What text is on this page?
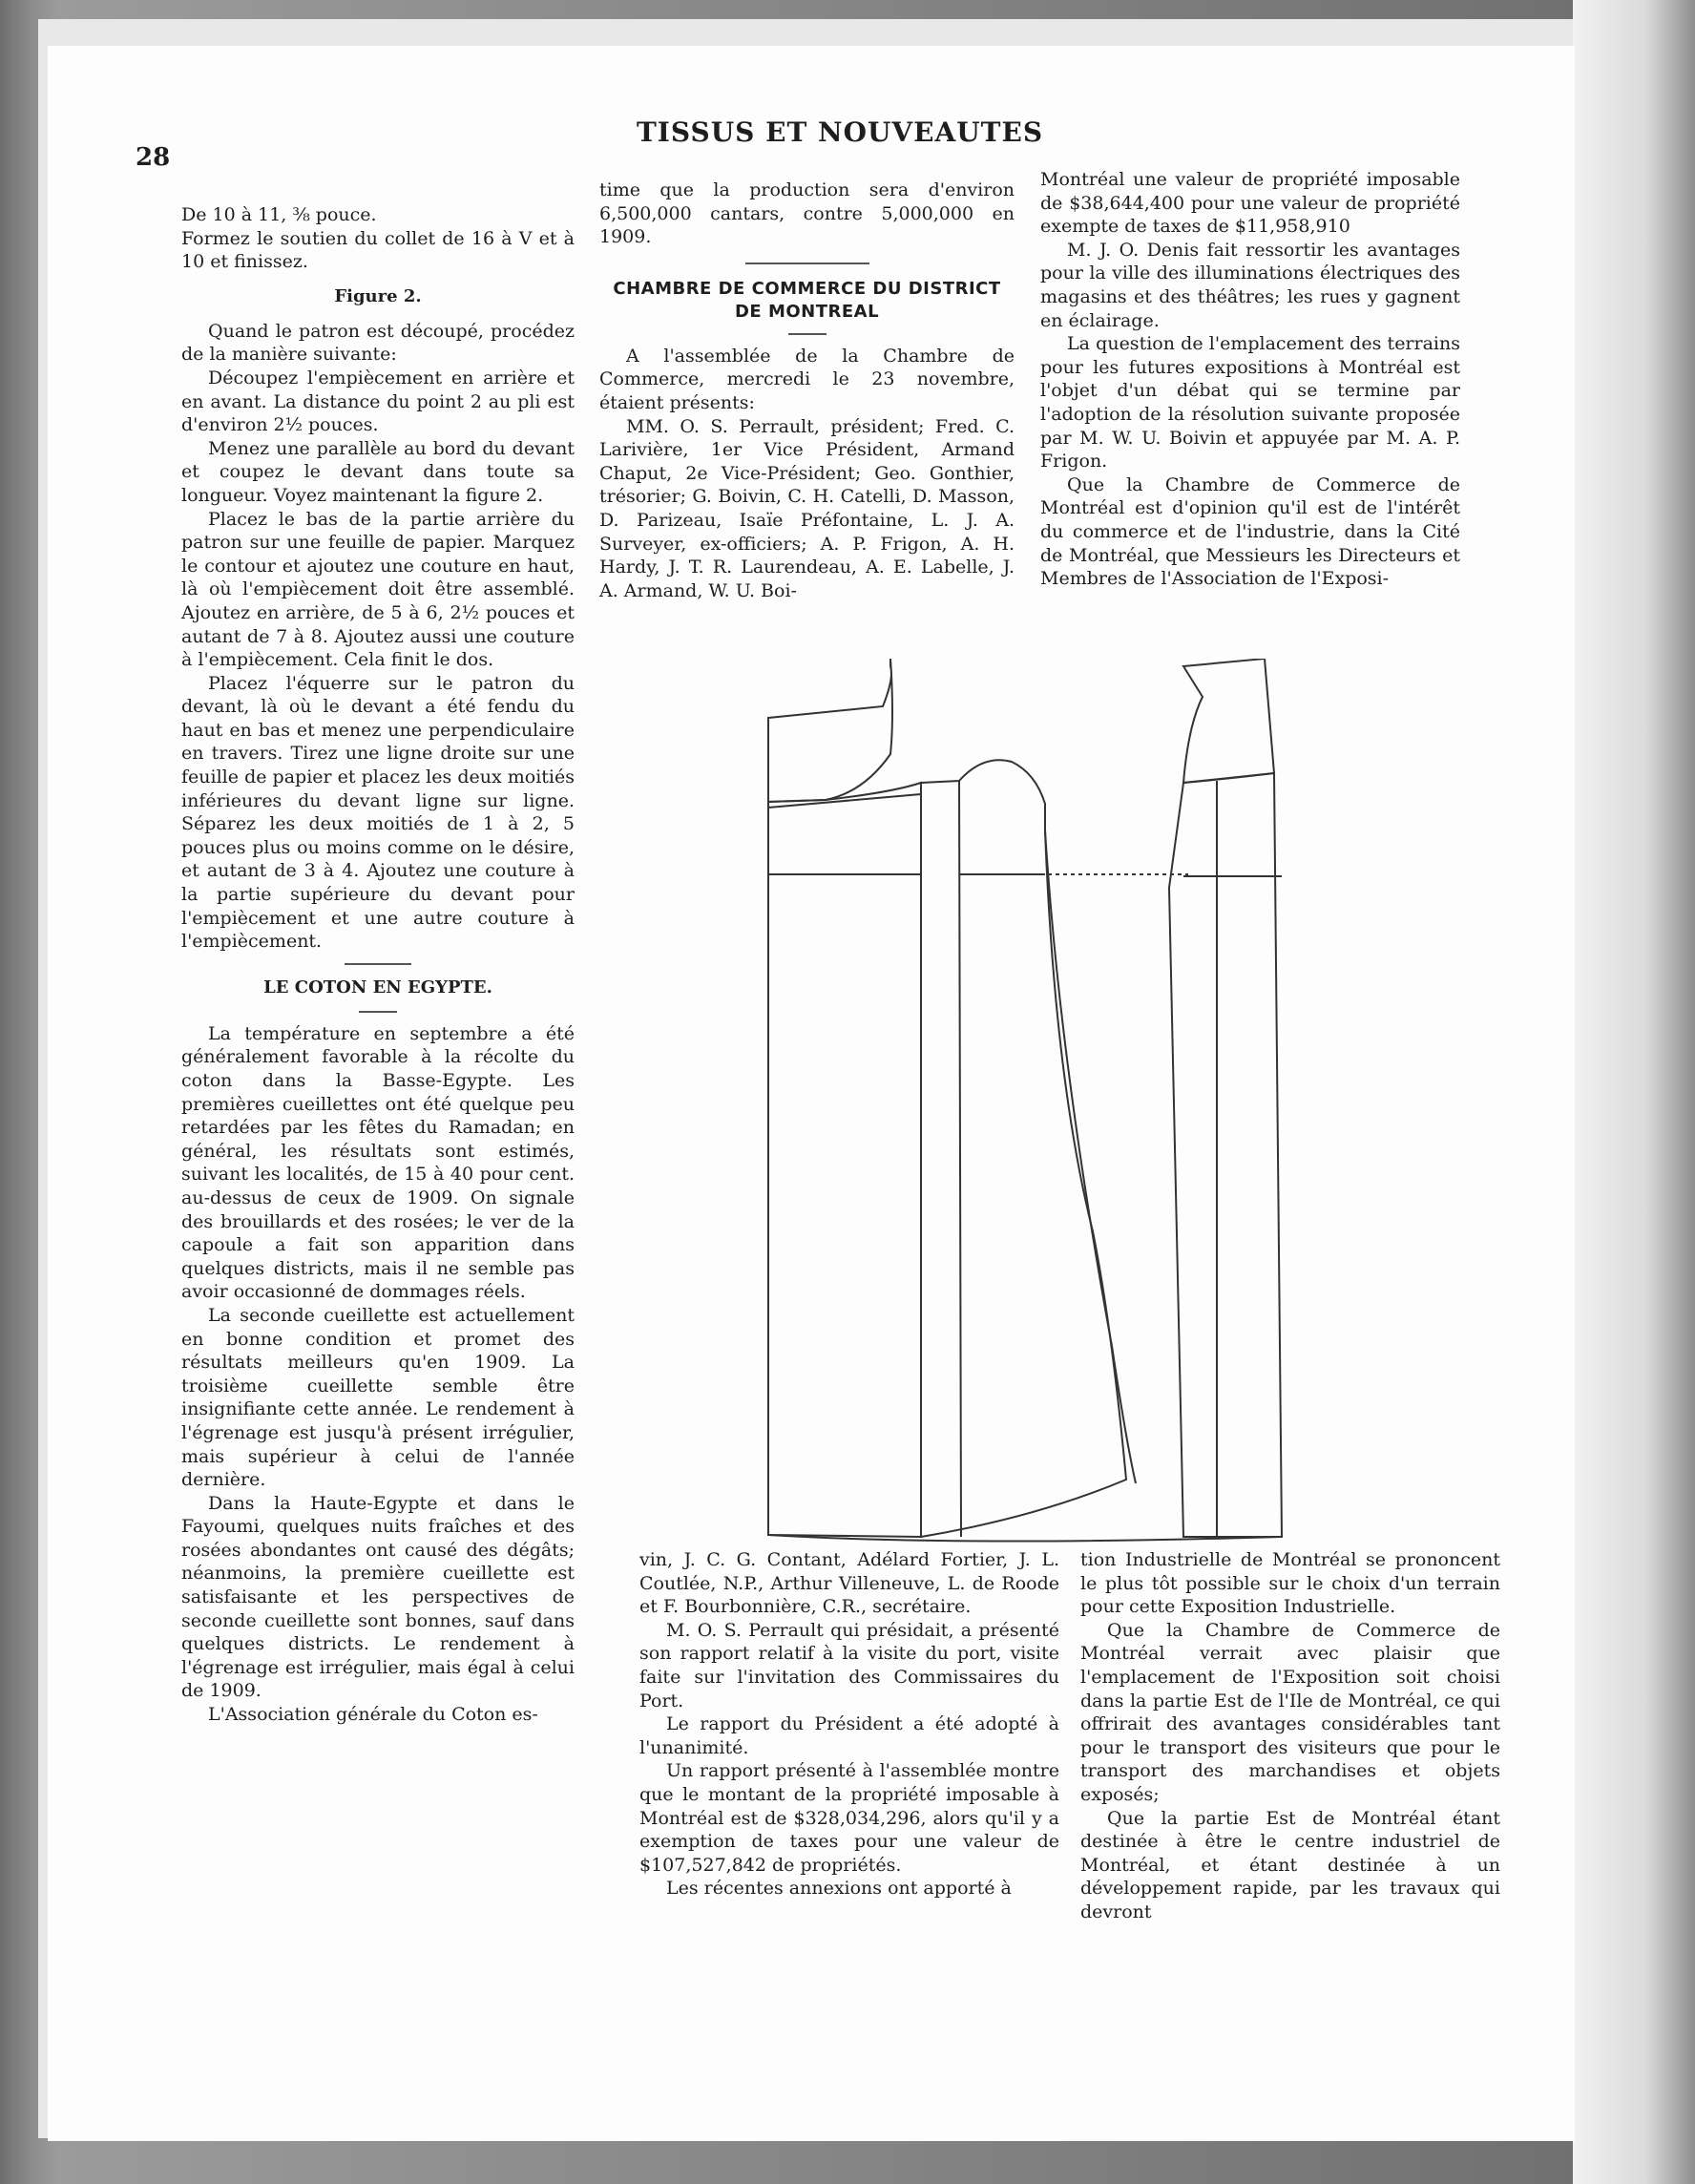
28
TISSUS ET NOUVEAUTES

De 10 à 11, ⅜ pouce.

Formez le soutien du collet de 16 à V et à 10 et finissez.

Figure 2.

Quand le patron est découpé, procédez de la manière suivante:

Découpez l'empiècement en arrière et en avant. La distance du point 2 au pli est d'environ 2½ pouces.

Menez une parallèle au bord du devant et coupez le devant dans toute sa longueur. Voyez maintenant la figure 2.

Placez le bas de la partie arrière du patron sur une feuille de papier. Marquez le contour et ajoutez une couture en haut, là où l'empiècement doit être assemblé. Ajoutez en arrière, de 5 à 6, 2½ pouces et autant de 7 à 8. Ajoutez aussi une couture à l'empiècement. Cela finit le dos.

Placez l'équerre sur le patron du devant, là où le devant a été fendu du haut en bas et menez une perpendiculaire en travers. Tirez une ligne droite sur une feuille de papier et placez les deux moitiés inférieures du devant ligne sur ligne. Séparez les deux moitiés de 1 à 2, 5 pouces plus ou moins comme on le désire, et autant de 3 à 4. Ajoutez une couture à la partie supérieure du devant pour l'empiècement et une autre couture à l'empiècement.

LE COTON EN EGYPTE.

La température en septembre a été généralement favorable à la récolte du coton dans la Basse-Egypte. Les premières cueillettes ont été quelque peu retardées par les fêtes du Ramadan; en général, les résultats sont estimés, suivant les localités, de 15 à 40 pour cent. au-dessus de ceux de 1909. On signale des brouillards et des rosées; le ver de la capoule a fait son apparition dans quelques districts, mais il ne semble pas avoir occasionné de dommages réels.

La seconde cueillette est actuellement en bonne condition et promet des résultats meilleurs qu'en 1909. La troisième cueillette semble être insignifiante cette année. Le rendement à l'égrenage est jusqu'à présent irrégulier, mais supérieur à celui de l'année dernière.

Dans la Haute-Egypte et dans le Fayoumi, quelques nuits fraîches et des rosées abondantes ont causé des dégâts; néanmoins, la première cueillette est satisfaisante et les perspectives de seconde cueillette sont bonnes, sauf dans quelques districts. Le rendement à l'égrenage est irrégulier, mais égal à celui de 1909.

L'Association générale du Coton es-

time que la production sera d'environ 6,500,000 cantars, contre 5,000,000 en 1909.

CHAMBRE DE COMMERCE DU DISTRICT DE MONTREAL

A l'assemblée de la Chambre de Commerce, mercredi le 23 novembre, étaient présents:

MM. O. S. Perrault, président; Fred. C. Larivière, 1er Vice Président, Armand Chaput, 2e Vice-Président; Geo. Gonthier, trésorier; G. Boivin, C. H. Catelli, D. Masson, D. Parizeau, Isaïe Préfontaine, L. J. A. Surveyer, ex-officiers; A. P. Frigon, A. H. Hardy, J. T. R. Laurendeau, A. E. Labelle, J. A. Armand, W. U. Boi-

Montréal une valeur de propriété imposable de $38,644,400 pour une valeur de propriété exempte de taxes de $11,958,910

M. J. O. Denis fait ressortir les avantages pour la ville des illuminations électriques des magasins et des théâtres; les rues y gagnent en éclairage.

La question de l'emplacement des terrains pour les futures expositions à Montréal est l'objet d'un débat qui se termine par l'adoption de la résolution suivante proposée par M. W. U. Boivin et appuyée par M. A. P. Frigon.

Que la Chambre de Commerce de Montréal est d'opinion qu'il est de l'intérêt du commerce et de l'industrie, dans la Cité de Montréal, que Messieurs les Directeurs et Membres de l'Association de l'Exposi-

vin, J. C. G. Contant, Adélard Fortier, J. L. Coutlée, N.P., Arthur Villeneuve, L. de Roode et F. Bourbonnière, C.R., secrétaire.

M. O. S. Perrault qui présidait, a présenté son rapport relatif à la visite du port, visite faite sur l'invitation des Commissaires du Port.

Le rapport du Président a été adopté à l'unanimité.

Un rapport présenté à l'assemblée montre que le montant de la propriété imposable à Montréal est de $328,034,296, alors qu'il y a exemption de taxes pour une valeur de $107,527,842 de propriétés.

Les récentes annexions ont apporté à

tion Industrielle de Montréal se prononcent le plus tôt possible sur le choix d'un terrain pour cette Exposition Industrielle.

Que la Chambre de Commerce de Montréal verrait avec plaisir que l'emplacement de l'Exposition soit choisi dans la partie Est de l'Ile de Montréal, ce qui offrirait des avantages considérables tant pour le transport des visiteurs que pour le transport des marchandises et objets exposés;

Que la partie Est de Montréal étant destinée à être le centre industriel de Montréal, et étant destinée à un développement rapide, par les travaux qui devront
